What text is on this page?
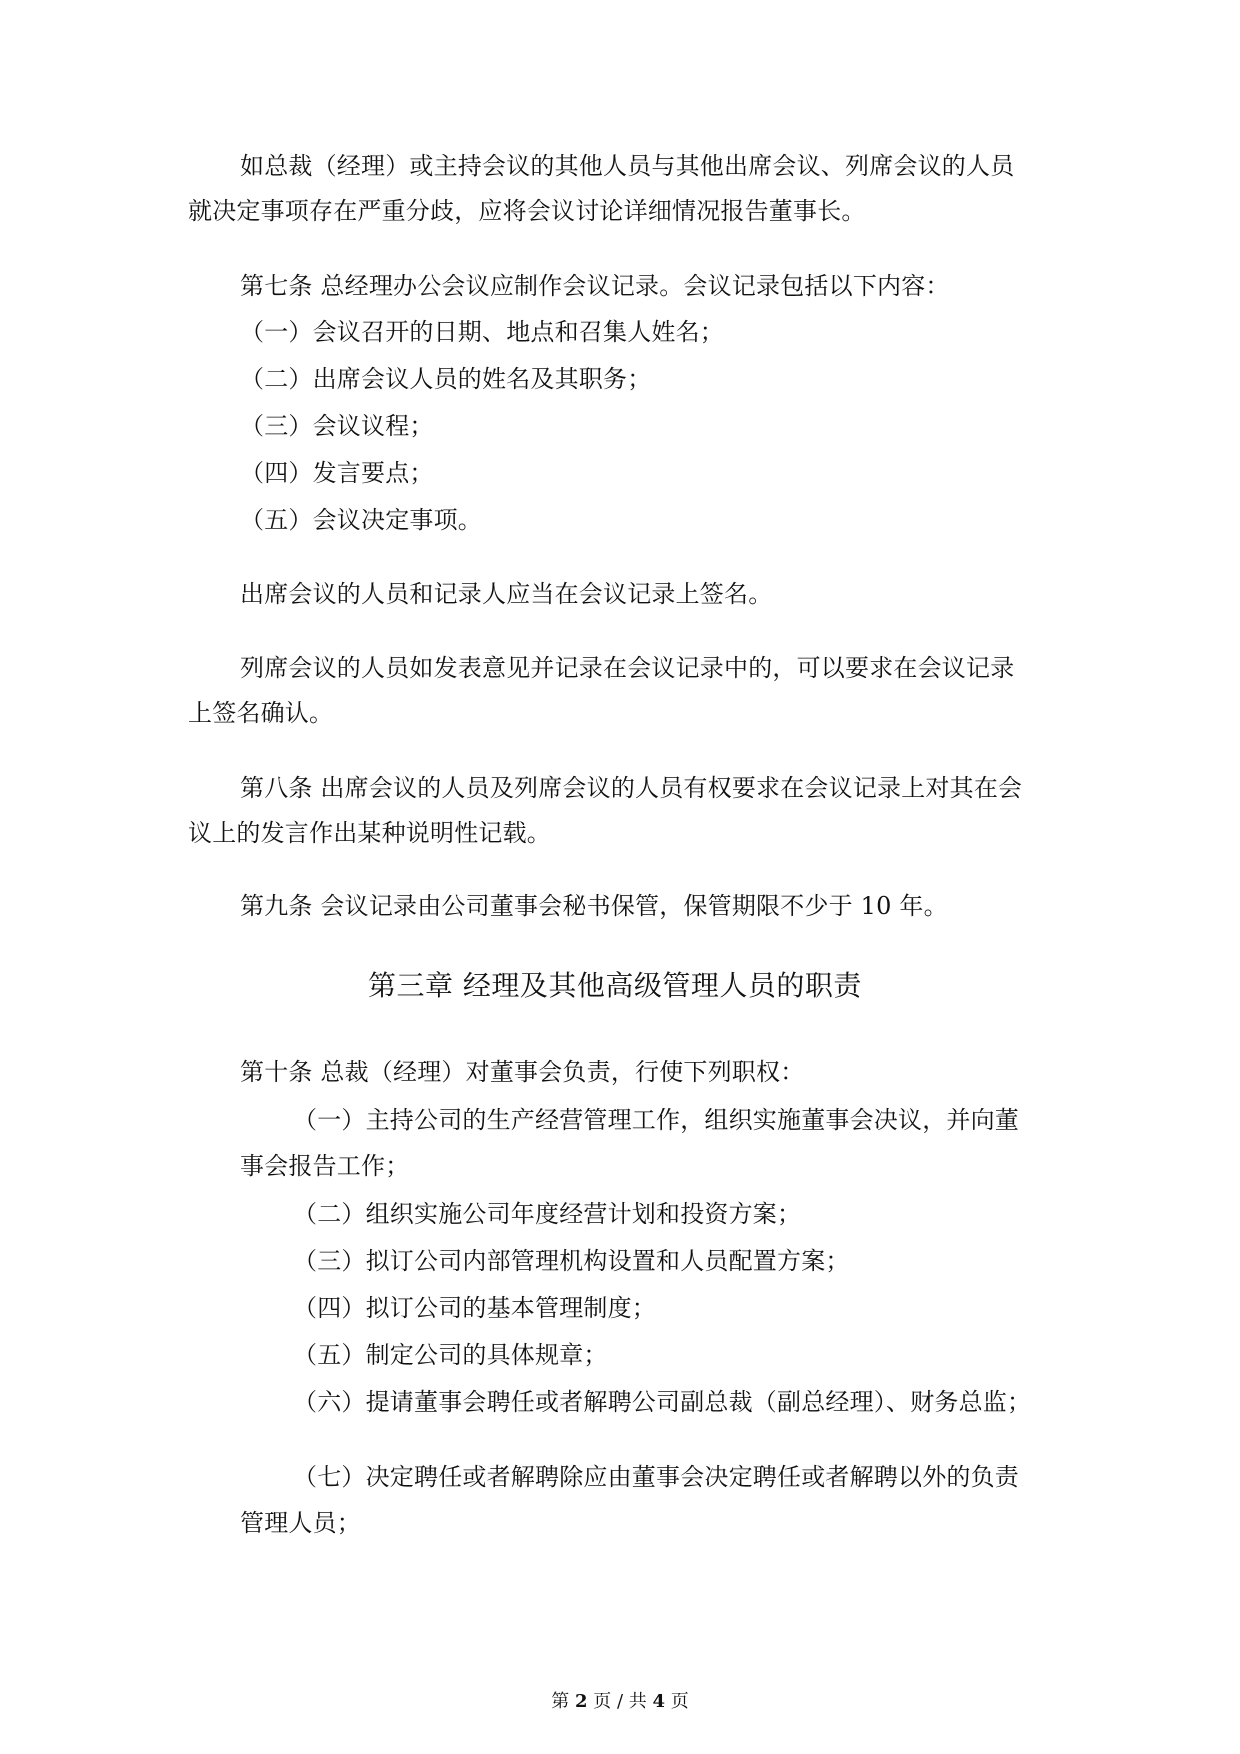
如总裁（经理）或主持会议的其他人员与其他出席会议、列席会议的人员
就决定事项存在严重分歧，应将会议讨论详细情况报告董事长。
第七条 总经理办公会议应制作会议记录。会议记录包括以下内容：
（一）会议召开的日期、地点和召集人姓名；
（二）出席会议人员的姓名及其职务；
（三）会议议程；
（四）发言要点；
（五）会议决定事项。
出席会议的人员和记录人应当在会议记录上签名。
列席会议的人员如发表意见并记录在会议记录中的，可以要求在会议记录
上签名确认。
第八条 出席会议的人员及列席会议的人员有权要求在会议记录上对其在会
议上的发言作出某种说明性记载。
第九条 会议记录由公司董事会秘书保管，保管期限不少于 10 年。
第三章 经理及其他高级管理人员的职责
第十条 总裁（经理）对董事会负责，行使下列职权：
（一）主持公司的生产经营管理工作，组织实施董事会决议，并向董
事会报告工作；
（二）组织实施公司年度经营计划和投资方案；
（三）拟订公司内部管理机构设置和人员配置方案；
（四）拟订公司的基本管理制度；
（五）制定公司的具体规章；
（六）提请董事会聘任或者解聘公司副总裁（副总经理）、财务总监；
（七）决定聘任或者解聘除应由董事会决定聘任或者解聘以外的负责
管理人员；
第 2 页 / 共 4 页
